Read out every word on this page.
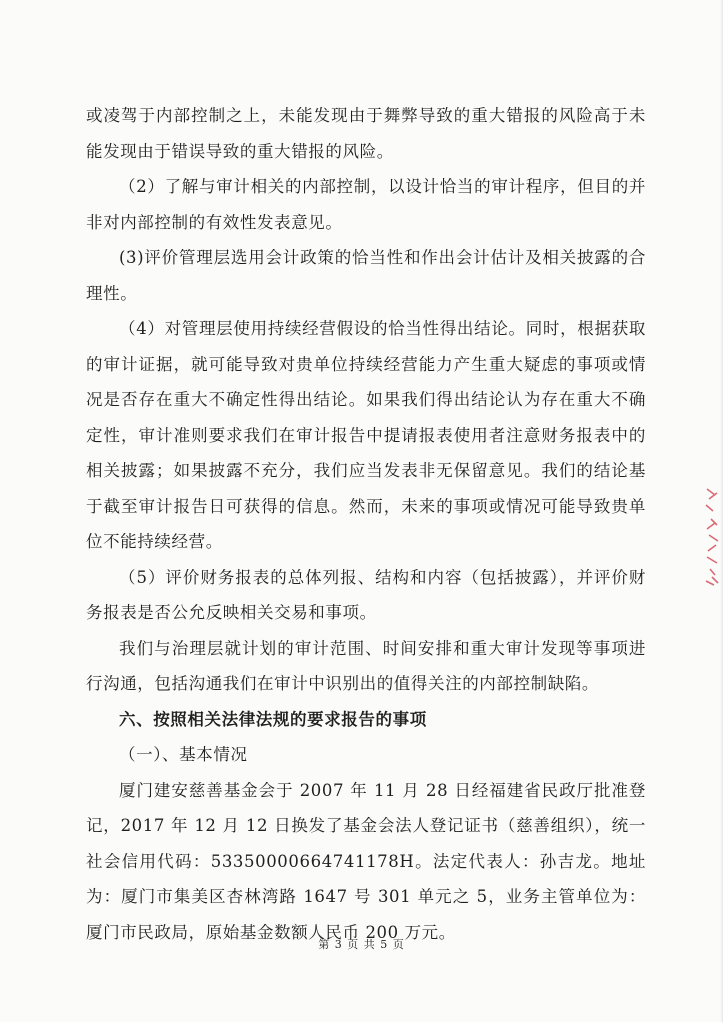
或凌驾于内部控制之上，未能发现由于舞弊导致的重大错报的风险高于未能发现由于错误导致的重大错报的风险。

（2）了解与审计相关的内部控制，以设计恰当的审计程序，但目的并非对内部控制的有效性发表意见。

(3)评价管理层选用会计政策的恰当性和作出会计估计及相关披露的合理性。

（4）对管理层使用持续经营假设的恰当性得出结论。同时，根据获取的审计证据，就可能导致对贵单位持续经营能力产生重大疑虑的事项或情况是否存在重大不确定性得出结论。如果我们得出结论认为存在重大不确定性，审计准则要求我们在审计报告中提请报表使用者注意财务报表中的相关披露；如果披露不充分，我们应当发表非无保留意见。我们的结论基于截至审计报告日可获得的信息。然而，未来的事项或情况可能导致贵单位不能持续经营。

（5）评价财务报表的总体列报、结构和内容（包括披露），并评价财务报表是否公允反映相关交易和事项。

我们与治理层就计划的审计范围、时间安排和重大审计发现等事项进行沟通，包括沟通我们在审计中识别出的值得关注的内部控制缺陷。

六、按照相关法律法规的要求报告的事项

（一）、基本情况

厦门建安慈善基金会于 2007 年 11 月 28 日经福建省民政厅批准登记，2017 年 12 月 12 日换发了基金会法人登记证书（慈善组织），统一社会信用代码：53350000664741178H。法定代表人：孙吉龙。地址为：厦门市集美区杏林湾路 1647 号 301 单元之 5，业务主管单位为：厦门市民政局，原始基金数额人民币 200 万元。

第 3 页 共 5 页
